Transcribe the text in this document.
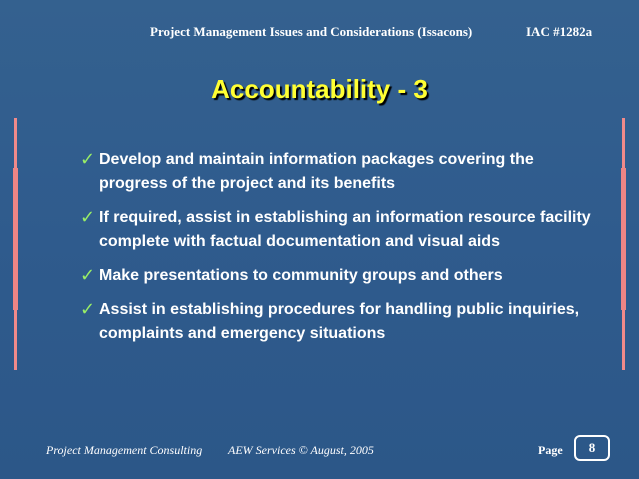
Project Management Issues and Considerations (Issacons)	IAC #1282a
Accountability - 3
✓ Develop and maintain information packages covering the progress of the project and its benefits
✓ If required, assist in establishing an information resource facility complete with factual documentation and visual aids
✓ Make presentations to community groups and others
✓ Assist in establishing procedures for handling public inquiries, complaints and emergency situations
Project Management Consulting AEW Services © August, 2005	Page	8
